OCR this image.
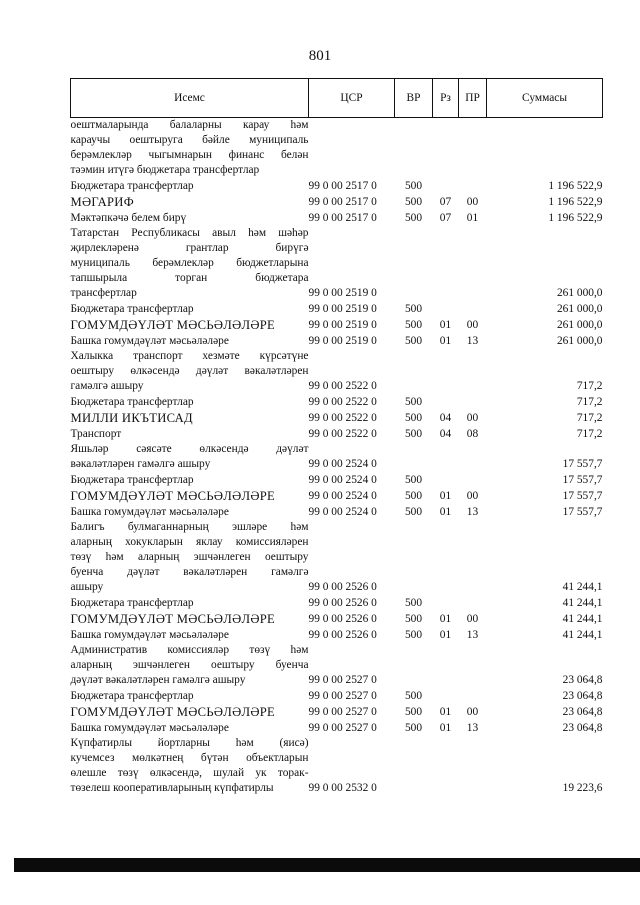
801
Исемс	ЦСР	ВР	Рз	ПР	Суммасы

оештмаларында балаларны карау һәм
караучы оештыруга бәйле муниципаль
берәмлекләр чыгымнарын финанс белән
тәэмин итүгә бюджетара трансфертлар					

Бюджетара трансфертлар	99 0 00 2517 0	500			1 196 522,9

МӘГАРИФ	99 0 00 2517 0	500	07	00	1 196 522,9

Мәктәпкәчә белем бирү	99 0 00 2517 0	500	07	01	1 196 522,9

Татарстан Республикасы авыл һәм шәһәр
җирлекләренә грантлар бирүгә
муниципаль берәмлекләр бюджетларына
тапшырыла торган бюджетара
трансфертлар	99 0 00 2519 0				261 000,0

Бюджетара трансфертлар	99 0 00 2519 0	500			261 000,0

ГОМУМДӘҮЛӘТ МӘСЬӘЛӘЛӘРЕ	99 0 00 2519 0	500	01	00	261 000,0

Башка гомумдәүләт мәсьәләләре	99 0 00 2519 0	500	01	13	261 000,0

Халыкка транспорт хезмәте күрсәтүне
оештыру өлкәсендә дәүләт вәкаләтләрен
гамәлгә ашыру	99 0 00 2522 0				717,2

Бюджетара трансфертлар	99 0 00 2522 0	500			717,2

МИЛЛИ ИКЪТИСАД	99 0 00 2522 0	500	04	00	717,2

Транспорт	99 0 00 2522 0	500	04	08	717,2

Яшьләр сәясәте өлкәсендә дәүләт
вәкаләтләрен гамәлгә ашыру	99 0 00 2524 0				17 557,7

Бюджетара трансфертлар	99 0 00 2524 0	500			17 557,7

ГОМУМДӘҮЛӘТ МӘСЬӘЛӘЛӘРЕ	99 0 00 2524 0	500	01	00	17 557,7

Башка гомумдәүләт мәсьәләләре	99 0 00 2524 0	500	01	13	17 557,7

Балигъ булмаганнарның эшләре һәм
аларның хокукларын яклау комиссияләрен
төзү һәм аларның эшчәнлеген оештыру
буенча дәүләт вәкаләтләрен гамәлгә
ашыру	99 0 00 2526 0				41 244,1

Бюджетара трансфертлар	99 0 00 2526 0	500			41 244,1

ГОМУМДӘҮЛӘТ МӘСЬӘЛӘЛӘРЕ	99 0 00 2526 0	500	01	00	41 244,1

Башка гомумдәүләт мәсьәләләре	99 0 00 2526 0	500	01	13	41 244,1

Административ комиссияләр төзү һәм
аларның эшчәнлеген оештыру буенча
дәүләт вәкаләтләрен гамәлгә ашыру	99 0 00 2527 0				23 064,8

Бюджетара трансфертлар	99 0 00 2527 0	500			23 064,8

ГОМУМДӘҮЛӘТ МӘСЬӘЛӘЛӘРЕ	99 0 00 2527 0	500	01	00	23 064,8

Башка гомумдәүләт мәсьәләләре	99 0 00 2527 0	500	01	13	23 064,8

Күпфатирлы йортларны һәм (яисә)
кучемсез мөлкәтнең бүтән объектларын
өлешле төзү өлкәсендә, шулай ук торак-
төзелеш кооперативларының күпфатирлы	99 0 00 2532 0				19 223,6
